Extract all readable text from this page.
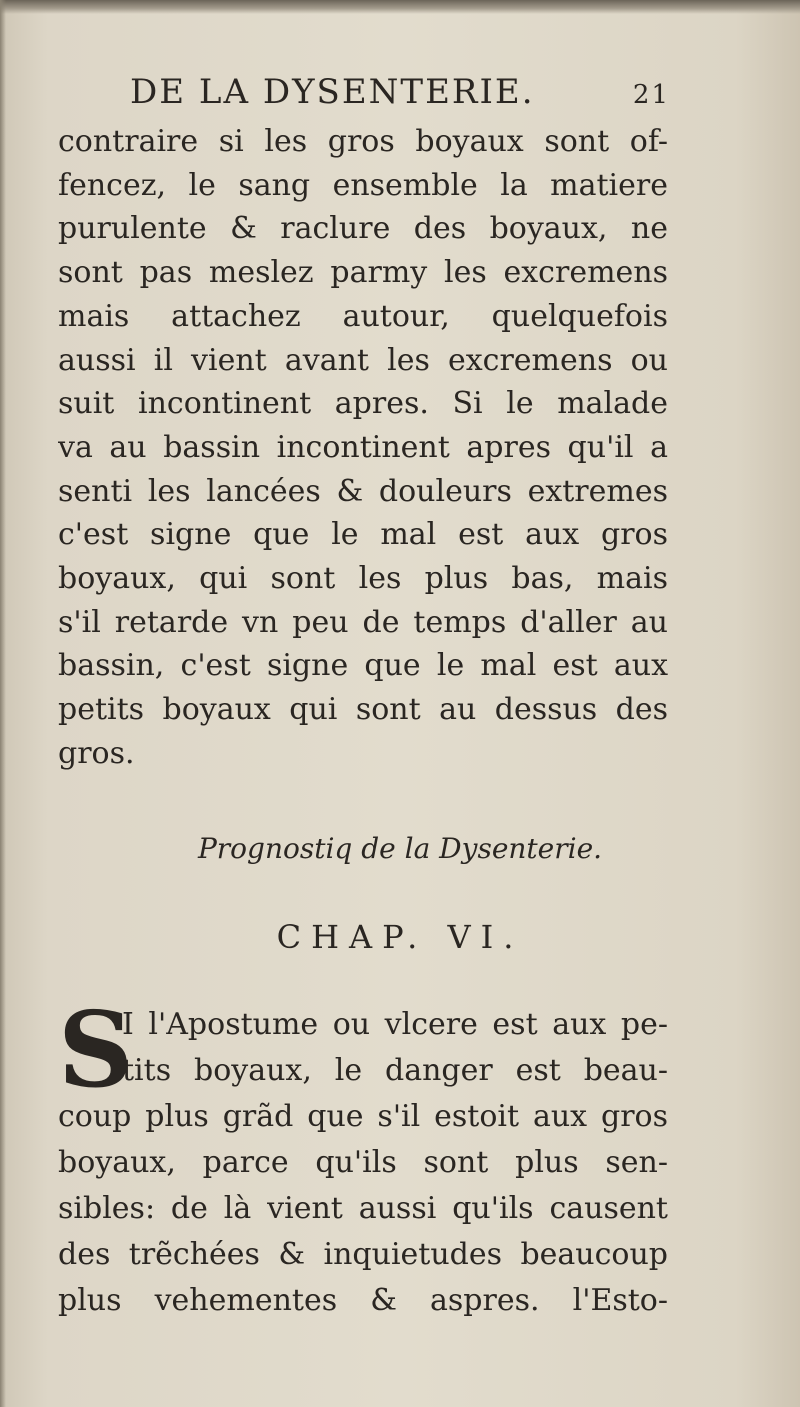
DE LA DYSENTERIE.	21
contraire si les gros boyaux sont of-
fencez, le sang ensemble la matiere
purulente & raclure des boyaux, ne
sont pas meslez parmy les excremens
mais attachez autour, quelquefois
aussi il vient avant les excremens ou
suit incontinent apres. Si le malade
va au bassin incontinent apres qu'il a
senti les lancées & douleurs extremes
c'est signe que le mal est aux gros
boyaux, qui sont les plus bas, mais
s'il retarde vn peu de temps d'aller au
bassin, c'est signe que le mal est aux
petits boyaux qui sont au dessus des
gros.
Prognostiq de la Dysenterie.
CHAP. VI.
S
I l'Apostume ou vlcere est aux pe-
tits boyaux, le danger est beau-
coup plus grãd que s'il estoit aux gros
boyaux, parce qu'ils sont plus sen-
sibles: de là vient aussi qu'ils causent
des trẽchées & inquietudes beaucoup
plus vehementes & aspres. l'Esto-
